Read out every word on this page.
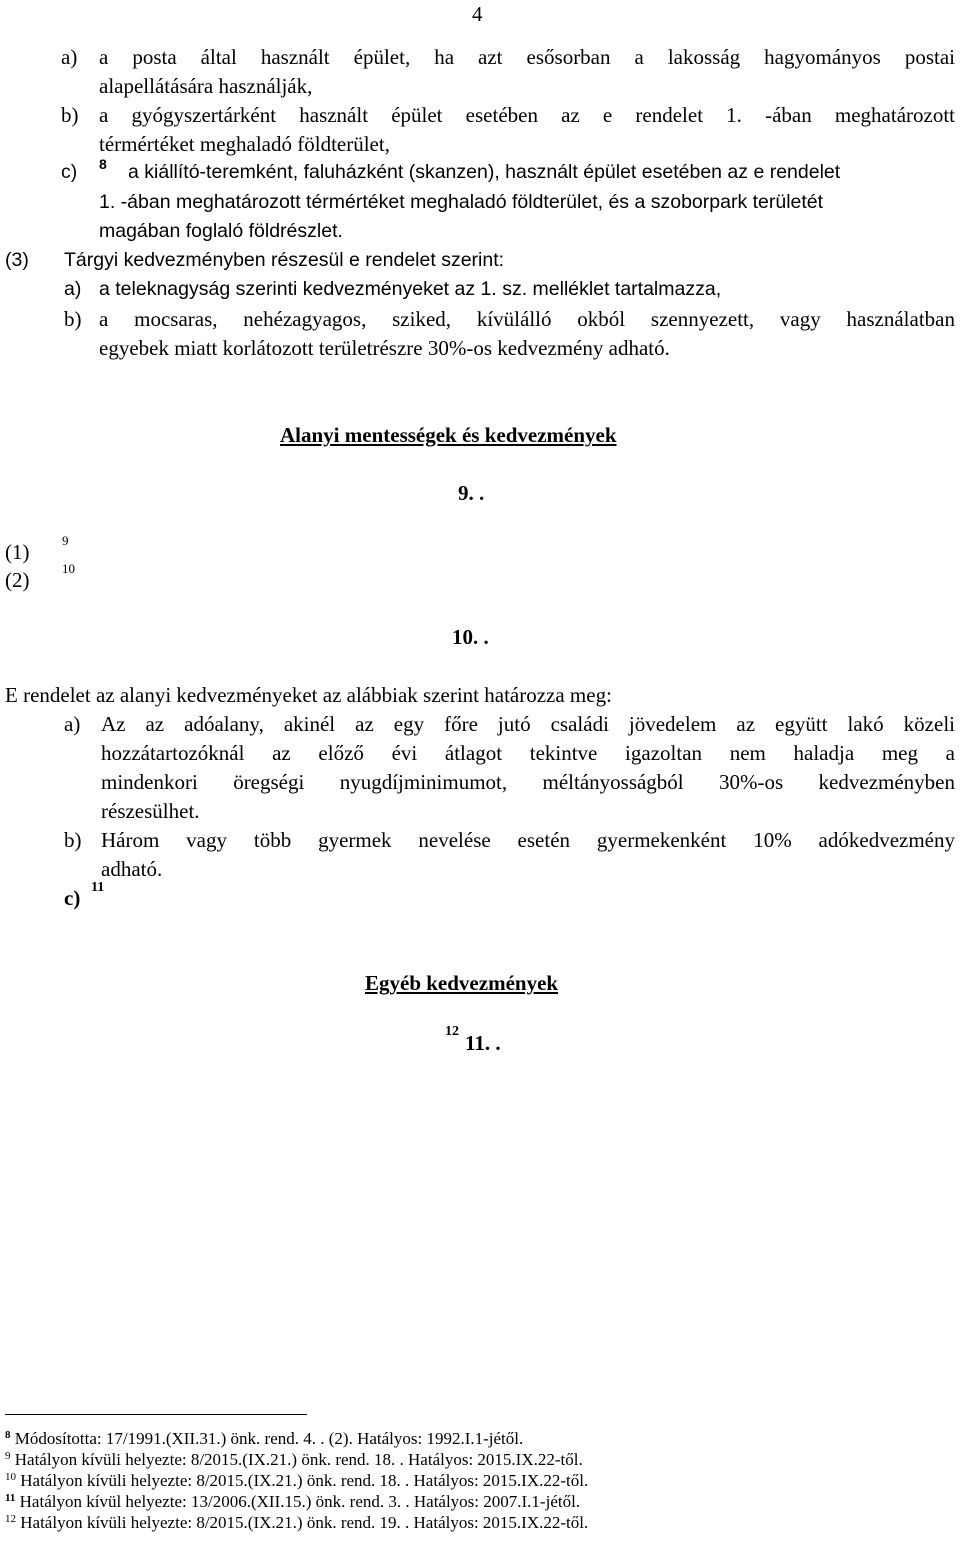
4
a) a posta által használt épület, ha azt esősorban a lakosság hagyományos postai
alapellátására használják,
b) a gyógyszertárként használt épület esetében az e rendelet 1. -ában meghatározott
térmértéket meghaladó földterület,
c) $^8$ a kiállító-teremként, faluházként (skanzen), használt épület esetében az e rendelet
1. -ában meghatározott térmértéket meghaladó földterület, és a szoborpark területét
magában foglaló földrészlet.
(3) Tárgyi kedvezményben részesül e rendelet szerint:
a) a teleknagyság szerinti kedvezményeket az 1. sz. melléklet tartalmazza,
b) a mocsaras, nehézagyagos, sziked, kívülálló okból szennyezett, vagy használatban
egyebek miatt korlátozott területrészre 30%-os kedvezmény adható.
Alanyi mentességek és kedvezmények
9. .
(1)	$^9$
(2)	$^{10}$
10. .
E rendelet az alanyi kedvezményeket az alábbiak szerint határozza meg:
a) Az az adóalany, akinél az egy főre jutó családi jövedelem az együtt lakó közeli
hozzátartozóknál az előző évi átlagot tekintve igazoltan nem haladja meg a
mindenkori öregségi nyugdíjminimumot, méltányosságból 30%-os kedvezményben
részesülhet.
b) Három vagy több gyermek nevelése esetén gyermekenként 10% adókedvezmény
adható.
c) $^{11}$
Egyéb kedvezmények
$^{12}$ 11. .
$^8$ Módosította: 17/1991.(XII.31.) önk. rend. 4. . (2). Hatályos: 1992.I.1-jétől.
$^9$ Hatályon kívüli helyezte: 8/2015.(IX.21.) önk. rend. 18. . Hatályos: 2015.IX.22-től.
$^{10}$ Hatályon kívüli helyezte: 8/2015.(IX.21.) önk. rend. 18. . Hatályos: 2015.IX.22-től.
$^{11}$ Hatályon kívül helyezte: 13/2006.(XII.15.) önk. rend. 3. . Hatályos: 2007.I.1-jétől.
$^{12}$ Hatályon kívüli helyezte: 8/2015.(IX.21.) önk. rend. 19. . Hatályos: 2015.IX.22-től.
